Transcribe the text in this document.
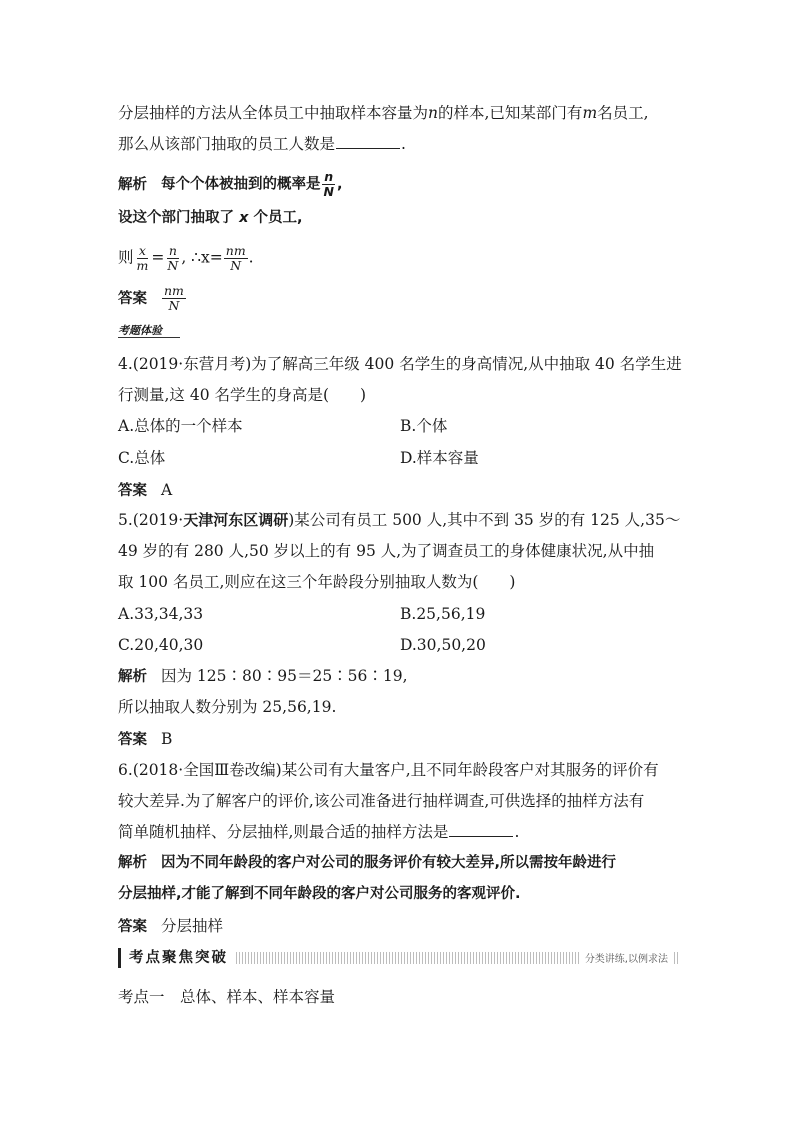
分层抽样的方法从全体员工中抽取样本容量为n的样本,已知某部门有m名员工,
那么从该部门抽取的员工人数是	.
解析 每个个体被抽到的概率是 $\frac{n}{N}$ ,
设这个部门抽取了 x 个员工,
则 $\frac{x}{m} = \frac{n}{N}$ , ∴x= $\frac{nm}{N}$ .
答案 $\frac{nm}{N}$
考题体验
4.(2019·东营月考)为了解高三年级 400 名学生的身高情况,从中抽取 40 名学生进
行测量,这 40 名学生的身高是(　　)
A.总体的一个样本	B.个体
C.总体	D.样本容量
答案 A
5.(2019·天津河东区调研)某公司有员工 500 人,其中不到 35 岁的有 125 人,35～
49 岁的有 280 人,50 岁以上的有 95 人,为了调查员工的身体健康状况,从中抽
取 100 名员工,则应在这三个年龄段分别抽取人数为(　　)
A.33,34,33	B.25,56,19
C.20,40,30	D.30,50,20
解析 因为 125∶80∶95＝25∶56∶19,
所以抽取人数分别为 25,56,19.
答案 B
6.(2018·全国Ⅲ卷改编)某公司有大量客户,且不同年龄段客户对其服务的评价有
较大差异.为了解客户的评价,该公司准备进行抽样调查,可供选择的抽样方法有
简单随机抽样、分层抽样,则最合适的抽样方法是	.
解析 因为不同年龄段的客户对公司的服务评价有较大差异,所以需按年龄进行
分层抽样,才能了解到不同年龄段的客户对公司服务的客观评价.
答案 分层抽样
考点聚焦突破	分类讲练,以例求法
考点一　总体、样本、样本容量
